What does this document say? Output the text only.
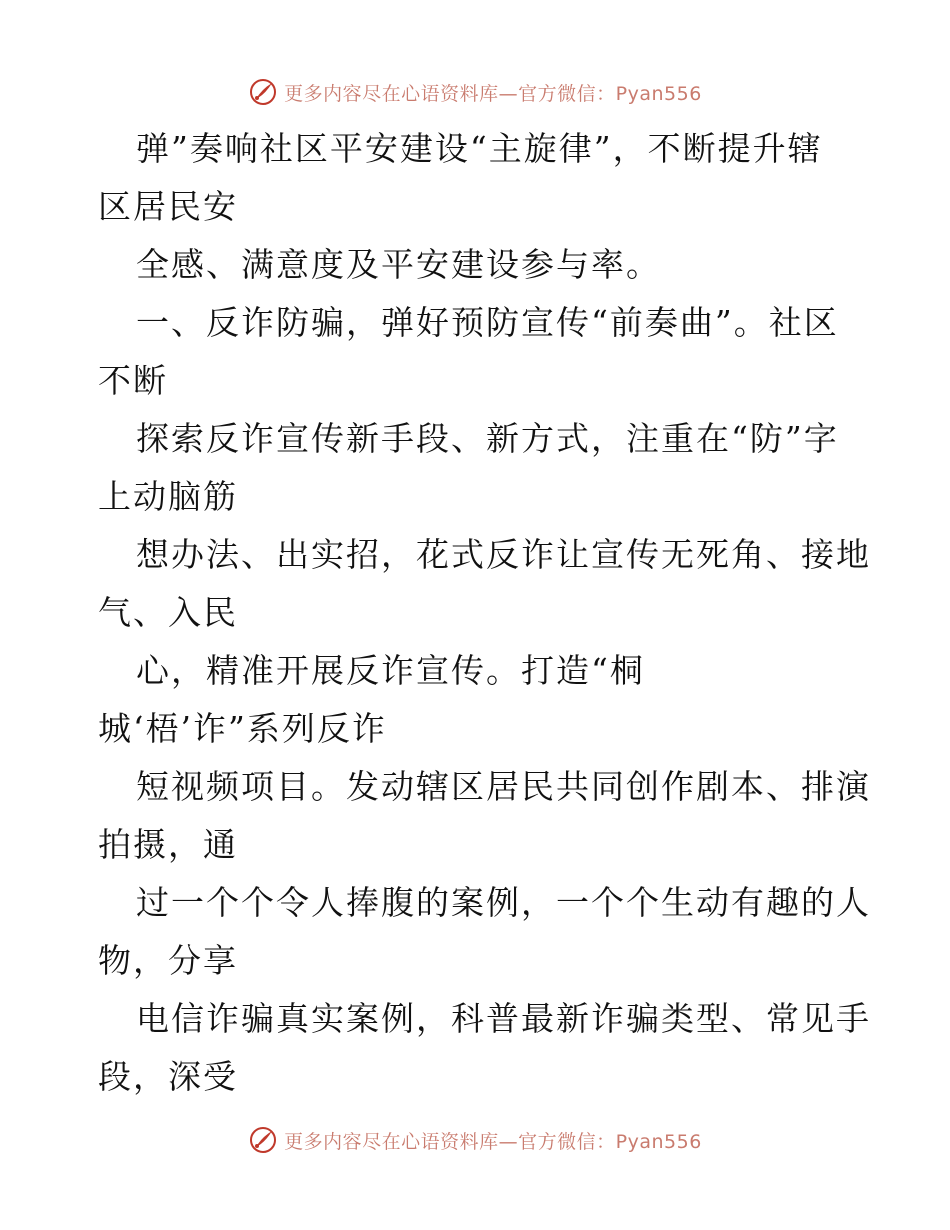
更多内容尽在心语资料库—官方微信：Pyan556
弹”奏响社区平安建设“主旋律”，不断提升辖
区居民安
全感、满意度及平安建设参与率。
一、反诈防骗，弹好预防宣传“前奏曲”。社区
不断
探索反诈宣传新手段、新方式，注重在“防”字
上动脑筋
想办法、出实招，花式反诈让宣传无死角、接地
气、入民
心，精准开展反诈宣传。打造“桐
城‘梧’诈”系列反诈
短视频项目。发动辖区居民共同创作剧本、排演
拍摄，通
过一个个令人捧腹的案例，一个个生动有趣的人
物，分享
电信诈骗真实案例，科普最新诈骗类型、常见手
段，深受
更多内容尽在心语资料库—官方微信：Pyan556
